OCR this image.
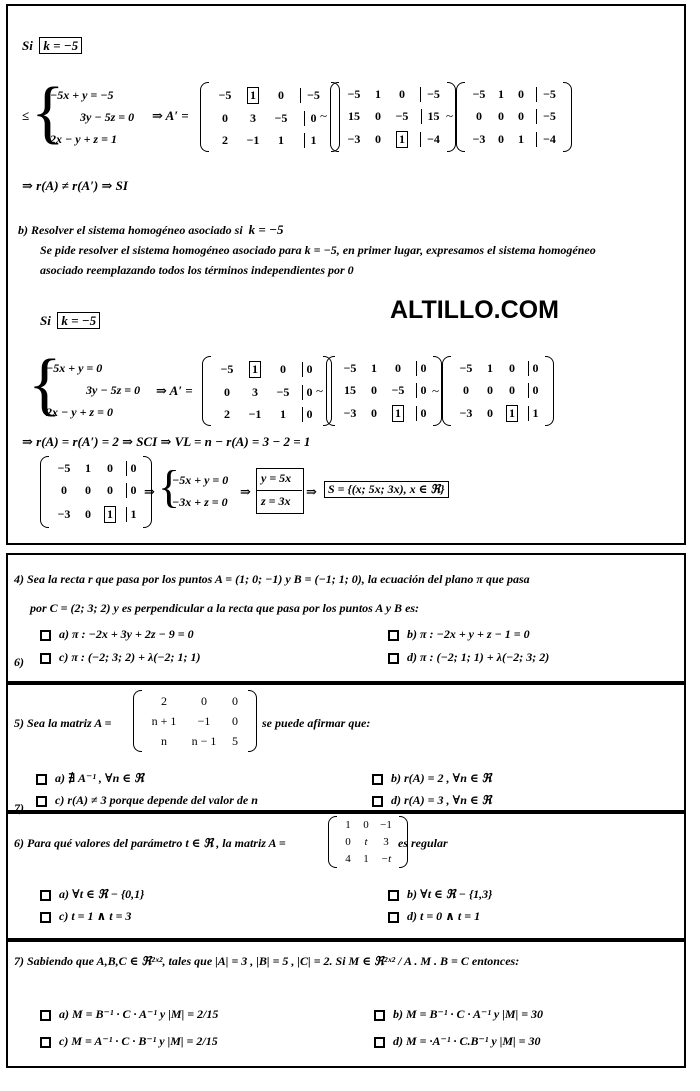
Si k = −5
≤ {
−5x + y = −5
3y − 5z = 0
2x − y + z = 1
⇒ A′ =
−5 1 0	−5
0 3 −5	0
2 −1 1	1
~
−5 1 0	−5
15 0 −5	15
−3 0 1	−4
~
−5 1 0	−5
0 0 0	−5
−3 0 1	−4
⇒ r(A) ≠ r(A′) ⇒ SI
b) Resolver el sistema homogéneo asociado si k = −5
Se pide resolver el sistema homogéneo asociado para k = −5, en primer lugar, expresamos el sistema homogéneo
asociado reemplazando todos los términos independientes por 0
ALTILLO.COM
Si k = −5
{
−5x + y = 0
3y − 5z = 0
2x − y + z = 0
⇒ A′ =
−5 1 0	0
0 3 −5	0
2 −1 1	0
~
−5 1 0	0
15 0 −5	0
−3 0 1	0
~
−5 1 0	0
0 0 0	0
−3 0 1	1
⇒ r(A) = r(A′) = 2 ⇒ SCI ⇒ VL = n − r(A) = 3 − 2 = 1
−5 1 0	0
0 0 0	0
−3 0 1	1
⇒ {
−5x + y = 0
−3x + z = 0
⇒
y = 5x
z = 3x
⇒ S = {(x; 5x; 3x), x ∈ ℜ}
4) Sea la recta r que pasa por los puntos A = (1; 0; −1) y B = (−1; 1; 0), la ecuación del plano π que pasa
por C = (2; 3; 2) y es perpendicular a la recta que pasa por los puntos A y B es:
a) π : −2x + 3y + 2z − 9 = 0	b) π : −2x + y + z − 1 = 0
6)	c) π : (−2; 3; 2) + λ(−2; 1; 1)	d) π : (−2; 1; 1) + λ(−2; 3; 2)
5) Sea la matriz A =
2	0 0
n + 1 −1 0
n n − 1 5
se puede afirmar que:
a) ∄ A⁻¹ , ∀n ∈ ℜ	b) r(A) = 2 , ∀n ∈ ℜ
7)
c) r(A) ≠ 3 porque depende del valor de n	d) r(A) = 3 , ∀n ∈ ℜ
6) Para qué valores del parámetro t ∈ ℜ , la matriz A =
1 0 −1
0 t 3
4 1 −t
es regular
a) ∀t ∈ ℜ − {0,1}	b) ∀t ∈ ℜ − {1,3}
c) t = 1 ∧ t = 3	d) t = 0 ∧ t = 1
7) Sabiendo que A,B,C ∈ ℜ²ˣ², tales que |A| = 3 , |B| = 5 , |C| = 2. Si M ∈ ℜ²ˣ² / A . M . B = C entonces:
a) M = B⁻¹ · C · A⁻¹ y |M| = 2/15	b) M = B⁻¹ · C · A⁻¹ y |M| = 30
c) M = A⁻¹ · C · B⁻¹ y |M| = 2/15	d) M = ·A⁻¹ · C.B⁻¹ y |M| = 30
